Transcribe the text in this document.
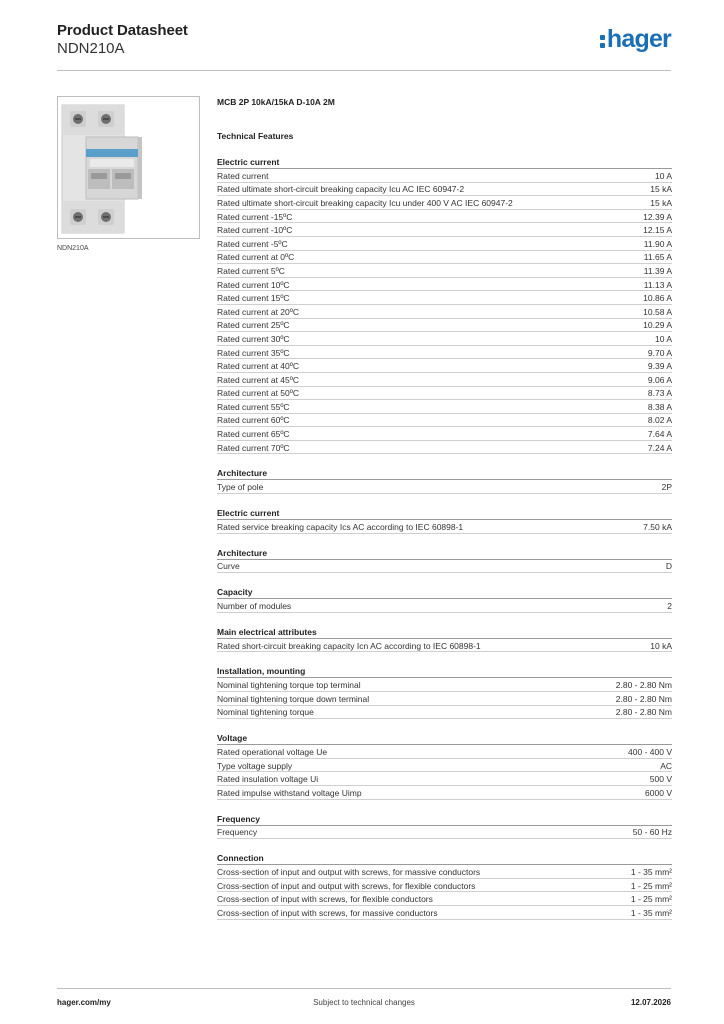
Product Datasheet
NDN210A	hager
NDN210A
MCB 2P 10kA/15kA D-10A 2M
Technical Features
Electric current
Rated current	10 A
Rated ultimate short-circuit breaking capacity Icu AC IEC 60947-2	15 kA
Rated ultimate short-circuit breaking capacity Icu under 400 V AC IEC 60947-2	15 kA
Rated current -15ºC	12.39 A
Rated current -10ºC	12.15 A
Rated current -5ºC	11.90 A
Rated current at 0ºC	11.65 A
Rated current 5ºC	11.39 A
Rated current 10ºC	11.13 A
Rated current 15ºC	10.86 A
Rated current at 20ºC	10.58 A
Rated current 25ºC	10.29 A
Rated current 30ºC	10 A
Rated current 35ºC	9.70 A
Rated current at 40ºC	9.39 A
Rated current at 45ºC	9.06 A
Rated current at 50ºC	8.73 A
Rated current 55ºC	8.38 A
Rated current 60ºC	8.02 A
Rated current 65ºC	7.64 A
Rated current 70ºC	7.24 A
Architecture
Type of pole	2P
Electric current
Rated service breaking capacity Ics AC according to IEC 60898-1	7.50 kA
Architecture
Curve	D
Capacity
Number of modules	2
Main electrical attributes
Rated short-circuit breaking capacity Icn AC according to IEC 60898-1	10 kA
Installation, mounting
Nominal tightening torque top terminal	2.80 - 2.80 Nm
Nominal tightening torque down terminal	2.80 - 2.80 Nm
Nominal tightening torque	2.80 - 2.80 Nm
Voltage
Rated operational voltage Ue	400 - 400 V
Type voltage supply	AC
Rated insulation voltage Ui	500 V
Rated impulse withstand voltage Uimp	6000 V
Frequency
Frequency	50 - 60 Hz
Connection
Cross-section of input and output with screws, for massive conductors	1 - 35 mm²
Cross-section of input and output with screws, for flexible conductors	1 - 25 mm²
Cross-section of input with screws, for flexible conductors	1 - 25 mm²
Cross-section of input with screws, for massive conductors	1 - 35 mm²
hager.com/my	Subject to technical changes	12.07.2026
